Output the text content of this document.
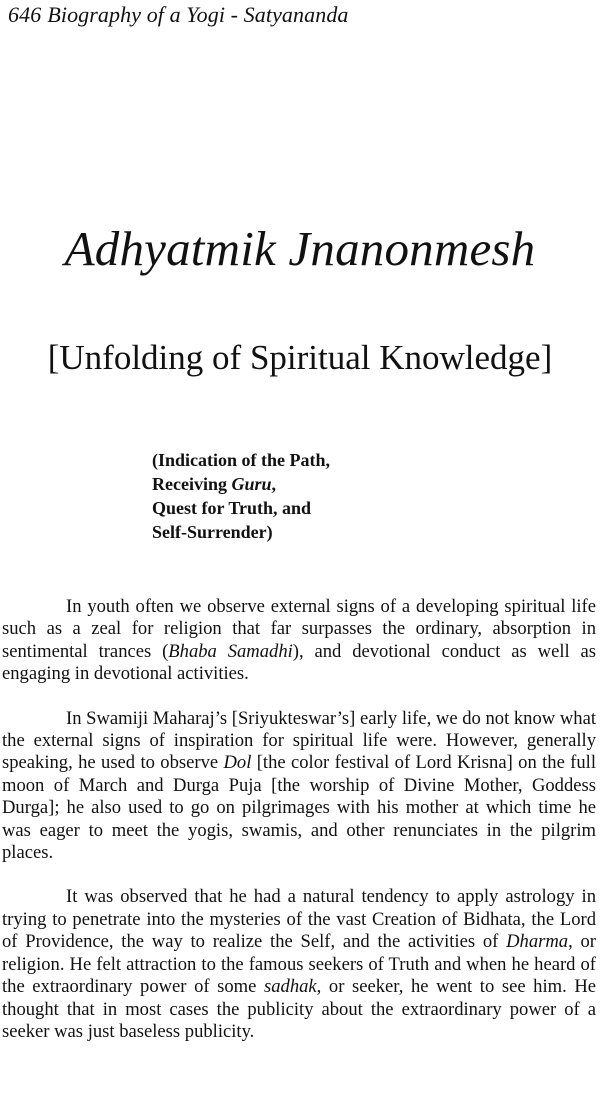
646 Biography of a Yogi - Satyananda
Adhyatmik Jnanonmesh
[Unfolding of Spiritual Knowledge]
(Indication of the Path,
Receiving Guru,
Quest for Truth, and
Self-Surrender)

In youth often we observe external signs of a developing spiritual life such as a zeal for religion that far surpasses the ordinary, absorption in sentimental trances (Bhaba Samadhi), and devotional conduct as well as engaging in devotional activities.

In Swamiji Maharaj’s [Sriyukteswar’s] early life, we do not know what the external signs of inspiration for spiritual life were. However, generally speaking, he used to observe Dol [the color festival of Lord Krisna] on the full moon of March and Durga Puja [the worship of Divine Mother, Goddess Durga]; he also used to go on pilgrimages with his mother at which time he was eager to meet the yogis, swamis, and other renunciates in the pilgrim places.

It was observed that he had a natural tendency to apply astrology in trying to penetrate into the mysteries of the vast Creation of Bidhata, the Lord of Providence, the way to realize the Self, and the activities of Dharma, or religion. He felt attraction to the famous seekers of Truth and when he heard of the extraordinary power of some sadhak, or seeker, he went to see him. He thought that in most cases the publicity about the extraordinary power of a seeker was just baseless publicity.
